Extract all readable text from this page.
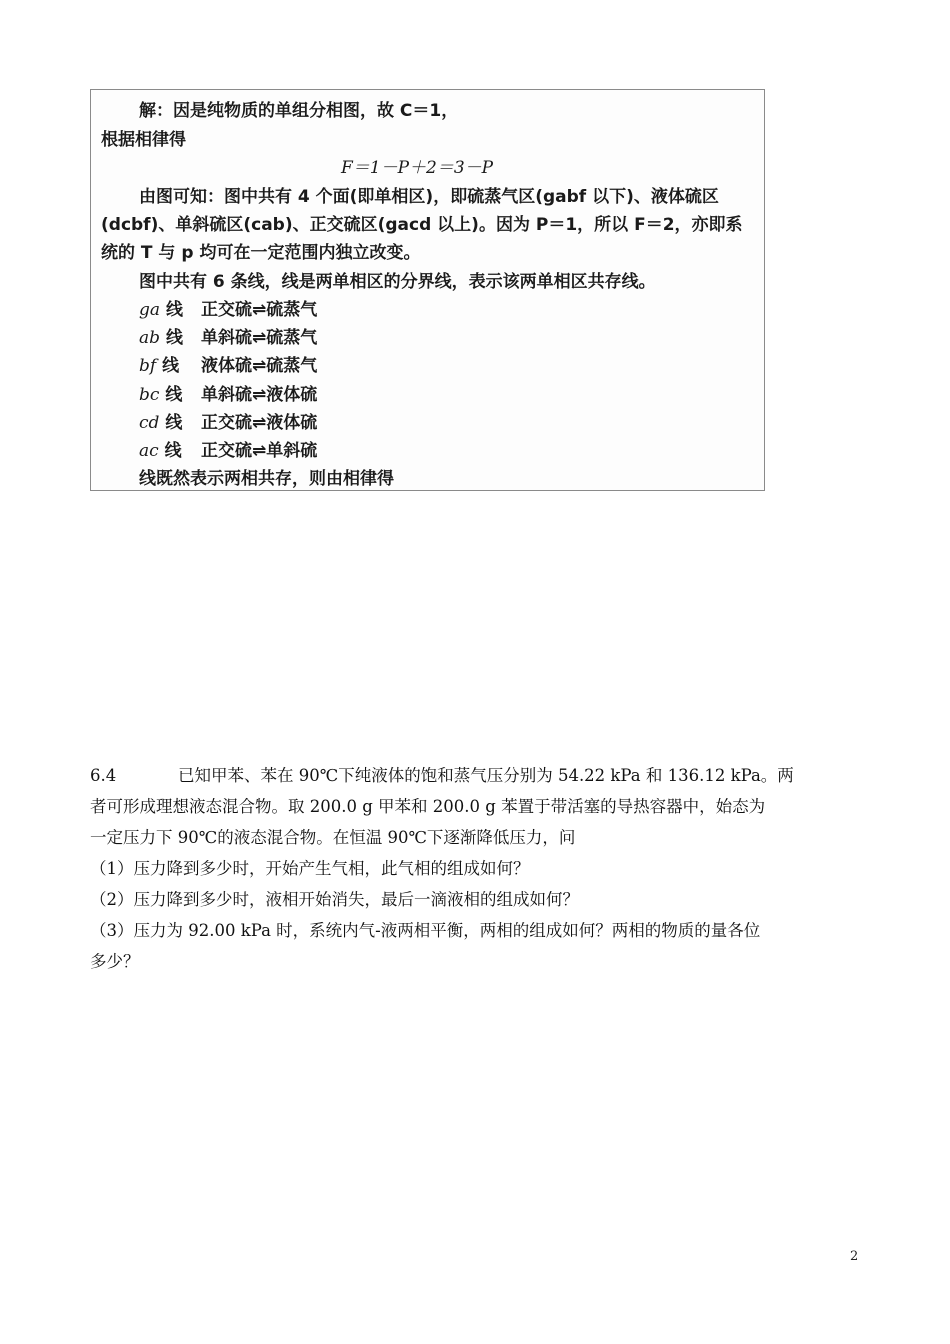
解：因是纯物质的单组分相图，故 C＝1，
根据相律得
F＝1－P＋2＝3－P
由图可知：图中共有 4 个面(即单相区)，即硫蒸气区(gabf 以下)、液体硫区
(dcbf)、单斜硫区(cab)、正交硫区(gacd 以上)。因为 P＝1，所以 F＝2，亦即系
统的 T 与 p 均可在一定范围内独立改变。
图中共有 6 条线，线是两单相区的分界线，表示该两单相区共存线。
ga 线 正交硫⇌硫蒸气
ab 线 单斜硫⇌硫蒸气
bf 线 液体硫⇌硫蒸气
bc 线 单斜硫⇌液体硫
cd 线 正交硫⇌液体硫
ac 线 正交硫⇌单斜硫
线既然表示两相共存，则由相律得

6.4	已知甲苯、苯在 90℃下纯液体的饱和蒸气压分别为 54.22 kPa 和 136.12 kPa。两

者可形成理想液态混合物。取 200.0 g 甲苯和 200.0 g 苯置于带活塞的导热容器中，始态为

一定压力下 90℃的液态混合物。在恒温 90℃下逐渐降低压力，问

（1）压力降到多少时，开始产生气相，此气相的组成如何？

（2）压力降到多少时，液相开始消失，最后一滴液相的组成如何？

（3）压力为 92.00 kPa 时，系统内气-液两相平衡，两相的组成如何？两相的物质的量各位

多少？

2
